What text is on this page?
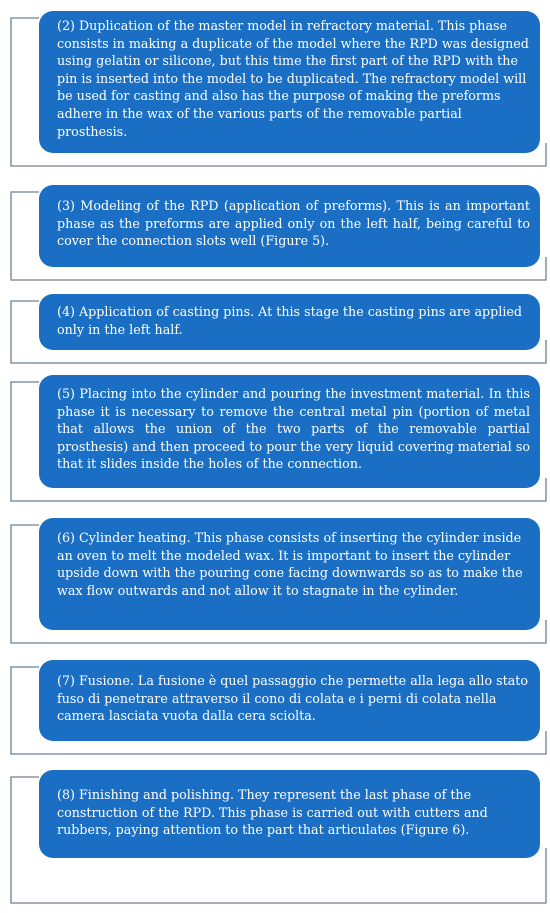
(2) Duplication of the master model in refractory material. This phase consists in making a duplicate of the model where the RPD was designed using gelatin or silicone, but this time the first part of the RPD with the pin is inserted into the model to be duplicated. The refractory model will be used for casting and also has the purpose of making the preforms adhere in the wax of the various parts of the removable partial prosthesis.
(3) Modeling of the RPD (application of preforms). This is an important phase as the preforms are applied only on the left half, being careful to cover the connection slots well (Figure 5).
(4) Application of casting pins. At this stage the casting pins are applied only in the left half.
(5) Placing into the cylinder and pouring the investment material. In this phase it is necessary to remove the central metal pin (portion of metal that allows the union of the two parts of the removable partial prosthesis) and then proceed to pour the very liquid covering material so that it slides inside the holes of the connection.
(6) Cylinder heating. This phase consists of inserting the cylinder inside an oven to melt the modeled wax. It is important to insert the cylinder upside down with the pouring cone facing downwards so as to make the wax flow outwards and not allow it to stagnate in the cylinder.
(7) Fusione. La fusione è quel passaggio che permette alla lega allo stato fuso di penetrare attraverso il cono di colata e i perni di colata nella camera lasciata vuota dalla cera sciolta.
(8) Finishing and polishing. They represent the last phase of the construction of the RPD. This phase is carried out with cutters and rubbers, paying attention to the part that articulates (Figure 6).
